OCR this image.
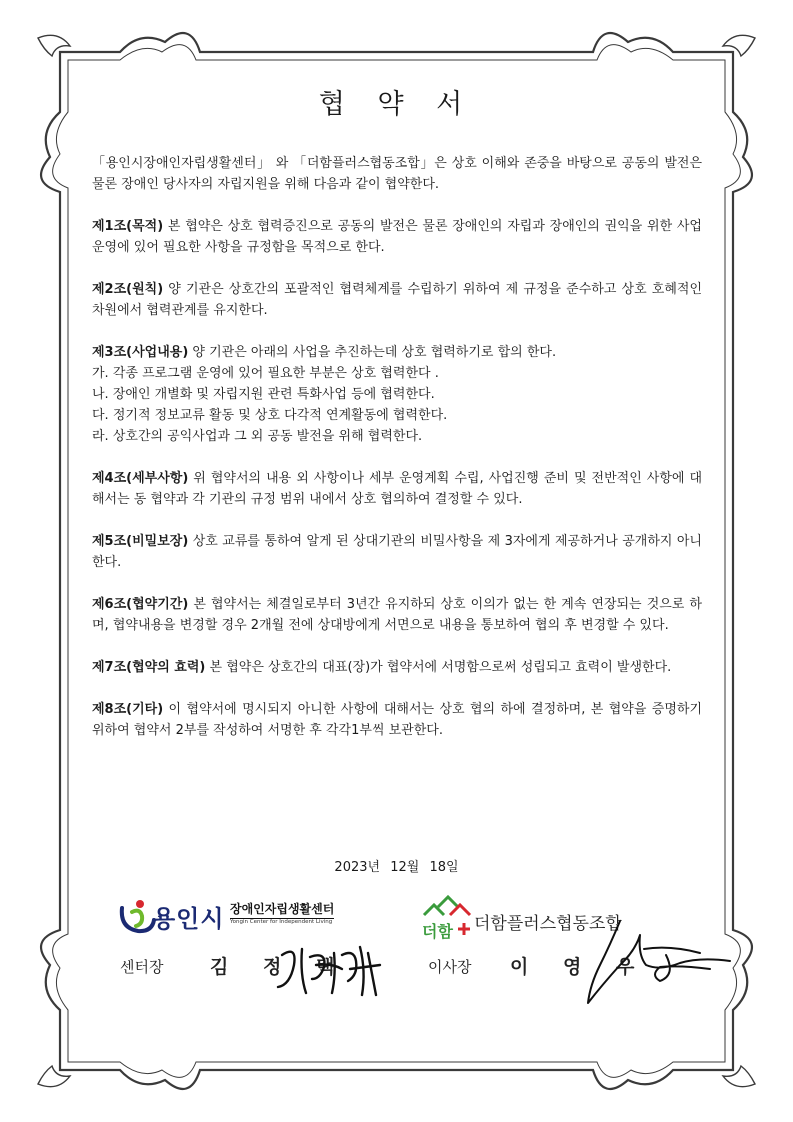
협 약 서

「용인시장애인자립생활센터」 와 「더함플러스협동조합」은 상호 이해와 존중을 바탕으로 공동의 발전은 물론 장애인 당사자의 자립지원을 위해 다음과 같이 협약한다.

제1조(목적) 본 협약은 상호 협력증진으로 공동의 발전은 물론 장애인의 자립과 장애인의 권익을 위한 사업운영에 있어 필요한 사항을 규정함을 목적으로 한다.

제2조(원칙) 양 기관은 상호간의 포괄적인 협력체계를 수립하기 위하여 제 규정을 준수하고 상호 호혜적인 차원에서 협력관계를 유지한다.

제3조(사업내용) 양 기관은 아래의 사업을 추진하는데 상호 협력하기로 합의 한다.

가. 각종 프로그램 운영에 있어 필요한 부분은 상호 협력한다 .
나. 장애인 개별화 및 자립지원 관련 특화사업 등에 협력한다.
다. 정기적 정보교류 활동 및 상호 다각적 연계활동에 협력한다.
라. 상호간의 공익사업과 그 외 공동 발전을 위해 협력한다.

제4조(세부사항) 위 협약서의 내용 외 사항이나 세부 운영계획 수립, 사업진행 준비 및 전반적인 사항에 대해서는 동 협약과 각 기관의 규정 범위 내에서 상호 협의하여 결정할 수 있다.

제5조(비밀보장) 상호 교류를 통하여 알게 된 상대기관의 비밀사항을 제 3자에게 제공하거나 공개하지 아니한다.

제6조(협약기간) 본 협약서는 체결일로부터 3년간 유지하되 상호 이의가 없는 한 계속 연장되는 것으로 하며, 협약내용을 변경할 경우 2개월 전에 상대방에게 서면으로 내용을 통보하여 협의 후 변경할 수 있다.

제7조(협약의 효력) 본 협약은 상호간의 대표(장)가 협약서에 서명함으로써 성립되고 효력이 발생한다.

제8조(기타) 이 협약서에 명시되지 아니한 사항에 대해서는 상호 협의 하에 결정하며, 본 협약을 증명하기 위하여 협약서 2부를 작성하여 서명한 후 각각1부씩 보관한다.

2023년 12월 18일
용인시 장애인자립생활센터
Yongin Center for Independent Living	더함 더함플러스협동조합
센터장 김 정 택	이사장 이 영 우
